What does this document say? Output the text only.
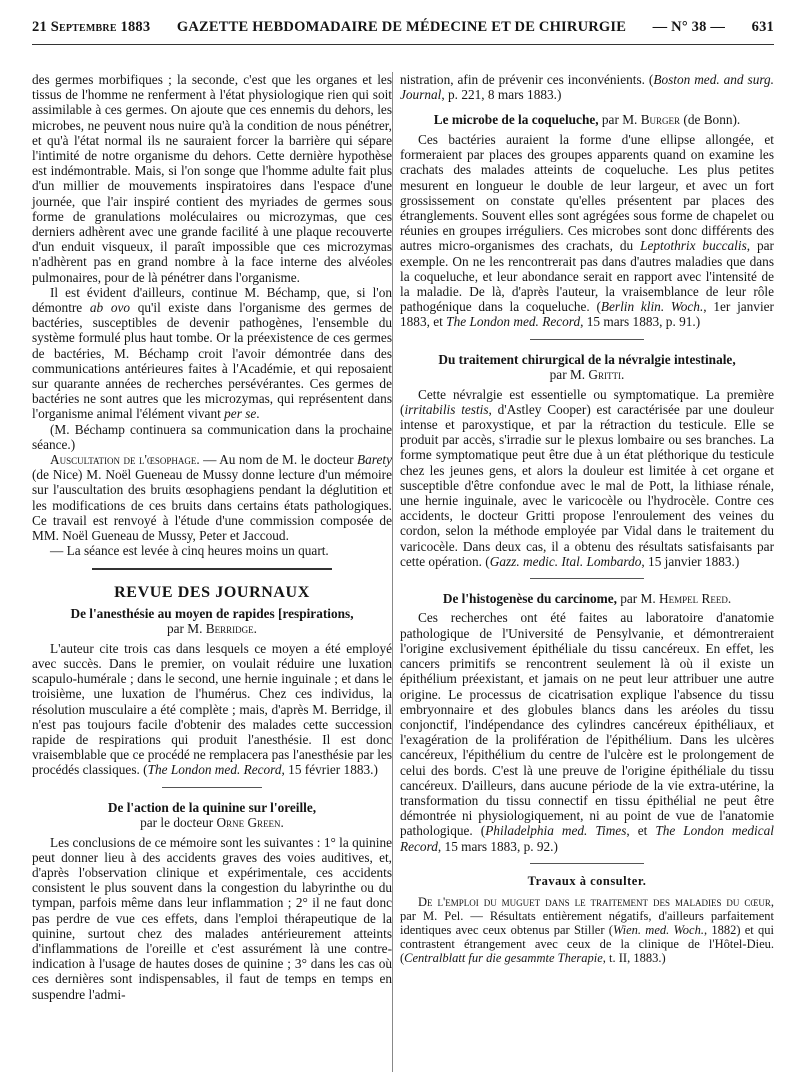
21 Septembre 1883 GAZETTE HEBDOMADAIRE DE MÉDECINE ET DE CHIRURGIE — N° 38 — 631

des germes morbifiques ; la seconde, c'est que les organes et les tissus de l'homme ne renferment à l'état physiologique rien qui soit assimilable à ces germes. On ajoute que ces ennemis du dehors, les microbes, ne peuvent nous nuire qu'à la condition de nous pénétrer, et qu'à l'état normal ils ne sauraient forcer la barrière qui sépare l'intimité de notre organisme du dehors. Cette dernière hypothèse est indémontrable. Mais, si l'on songe que l'homme adulte fait plus d'un millier de mouvements inspiratoires dans l'espace d'une journée, que l'air inspiré contient des myriades de germes sous forme de granulations moléculaires ou microzymas, que ces derniers adhèrent avec une grande facilité à une plaque recouverte d'un enduit visqueux, il paraît impossible que ces microzymas n'adhèrent pas en grand nombre à la face interne des alvéoles pulmonaires, pour de là pénétrer dans l'organisme.

Il est évident d'ailleurs, continue M. Béchamp, que, si l'on démontre ab ovo qu'il existe dans l'organisme des germes de bactéries, susceptibles de devenir pathogènes, l'ensemble du système formulé plus haut tombe. Or la préexistence de ces germes de bactéries, M. Béchamp croit l'avoir démontrée dans des communications antérieures faites à l'Académie, et qui reposaient sur quarante années de recherches persévérantes. Ces germes de bactéries ne sont autres que les microzymas, qui représentent dans l'organisme animal l'élément vivant per se.

(M. Béchamp continuera sa communication dans la prochaine séance.)

Auscultation de l'œsophage. — Au nom de M. le docteur Barety (de Nice) M. Noël Gueneau de Mussy donne lecture d'un mémoire sur l'auscultation des bruits œsophagiens pendant la déglutition et les modifications de ces bruits dans certains états pathologiques. Ce travail est renvoyé à l'étude d'une commission composée de MM. Noël Gueneau de Mussy, Peter et Jaccoud.

— La séance est levée à cinq heures moins un quart.

REVUE DES JOURNAUX
De l'anesthésie au moyen de rapides [respirations,
par M. Berridge.

L'auteur cite trois cas dans lesquels ce moyen a été employé avec succès. Dans le premier, on voulait réduire une luxation scapulo-humérale ; dans le second, une hernie inguinale ; et dans le troisième, une luxation de l'humérus. Chez ces individus, la résolution musculaire a été complète ; mais, d'après M. Berridge, il n'est pas toujours facile d'obtenir des malades cette succession rapide de respirations qui produit l'anesthésie. Il est donc vraisemblable que ce procédé ne remplacera pas l'anesthésie par les procédés classiques. (The London med. Record, 15 février 1883.)

De l'action de la quinine sur l'oreille,
par le docteur Orne Green.

Les conclusions de ce mémoire sont les suivantes : 1° la quinine peut donner lieu à des accidents graves des voies auditives, et, d'après l'observation clinique et expérimentale, ces accidents consistent le plus souvent dans la congestion du labyrinthe ou du tympan, parfois même dans leur inflammation ; 2° il ne faut donc pas perdre de vue ces effets, dans l'emploi thérapeutique de la quinine, surtout chez des malades antérieurement atteints d'inflammations de l'oreille et c'est assurément là une contre-indication à l'usage de hautes doses de quinine ; 3° dans les cas où ces dernières sont indispensables, il faut de temps en temps en suspendre l'admi-

nistration, afin de prévenir ces inconvénients. (Boston med. and surg. Journal, p. 221, 8 mars 1883.)

Le microbe de la coqueluche, par M. Burger (de Bonn).

Ces bactéries auraient la forme d'une ellipse allongée, et formeraient par places des groupes apparents quand on examine les crachats des malades atteints de coqueluche. Les plus petites mesurent en longueur le double de leur largeur, et avec un fort grossissement on constate qu'elles présentent par places des étranglements. Souvent elles sont agrégées sous forme de chapelet ou réunies en groupes irréguliers. Ces microbes sont donc différents des autres micro-organismes des crachats, du Leptothrix buccalis, par exemple. On ne les rencontrerait pas dans d'autres maladies que dans la coqueluche, et leur abondance serait en rapport avec l'intensité de la maladie. De là, d'après l'auteur, la vraisemblance de leur rôle pathogénique dans la coqueluche. (Berlin klin. Woch., 1er janvier 1883, et The London med. Record, 15 mars 1883, p. 91.)

Du traitement chirurgical de la névralgie intestinale,
par M. Gritti.

Cette névralgie est essentielle ou symptomatique. La première (irritabilis testis, d'Astley Cooper) est caractérisée par une douleur intense et paroxystique, et par la rétraction du testicule. Elle se produit par accès, s'irradie sur le plexus lombaire ou ses branches. La forme symptomatique peut être due à un état pléthorique du testicule chez les jeunes gens, et alors la douleur est limitée à cet organe et susceptible d'être confondue avec le mal de Pott, la lithiase rénale, une hernie inguinale, avec le varicocèle ou l'hydrocèle. Contre ces accidents, le docteur Gritti propose l'enroulement des veines du cordon, selon la méthode employée par Vidal dans le traitement du varicocèle. Dans deux cas, il a obtenu des résultats satisfaisants par cette opération. (Gazz. medic. Ital. Lombardo, 15 janvier 1883.)

De l'histogenèse du carcinome, par M. Hempel Reed.

Ces recherches ont été faites au laboratoire d'anatomie pathologique de l'Université de Pensylvanie, et démontreraient l'origine exclusivement épithéliale du tissu cancéreux. En effet, les cancers primitifs se rencontrent seulement là où il existe un épithélium préexistant, et jamais on ne peut leur attribuer une autre origine. Le processus de cicatrisation explique l'absence du tissu embryonnaire et des globules blancs dans les aréoles du tissu conjonctif, l'indépendance des cylindres cancéreux épithéliaux, et l'exagération de la prolifération de l'épithélium. Dans les ulcères cancéreux, l'épithélium du centre de l'ulcère est le prolongement de celui des bords. C'est là une preuve de l'origine épithéliale du tissu cancéreux. D'ailleurs, dans aucune période de la vie extra-utérine, la transformation du tissu connectif en tissu épithélial ne peut être démontrée ni physiologiquement, ni au point de vue de l'anatomie pathologique. (Philadelphia med. Times, et The London medical Record, 15 mars 1883, p. 92.)

Travaux à consulter.

De l'emploi du muguet dans le traitement des maladies du cœur, par M. Pel. — Résultats entièrement négatifs, d'ailleurs parfaitement identiques avec ceux obtenus par Stiller (Wien. med. Woch., 1882) et qui contrastent étrangement avec ceux de la clinique de l'Hôtel-Dieu. (Centralblatt fur die gesammte Therapie, t. II, 1883.)
